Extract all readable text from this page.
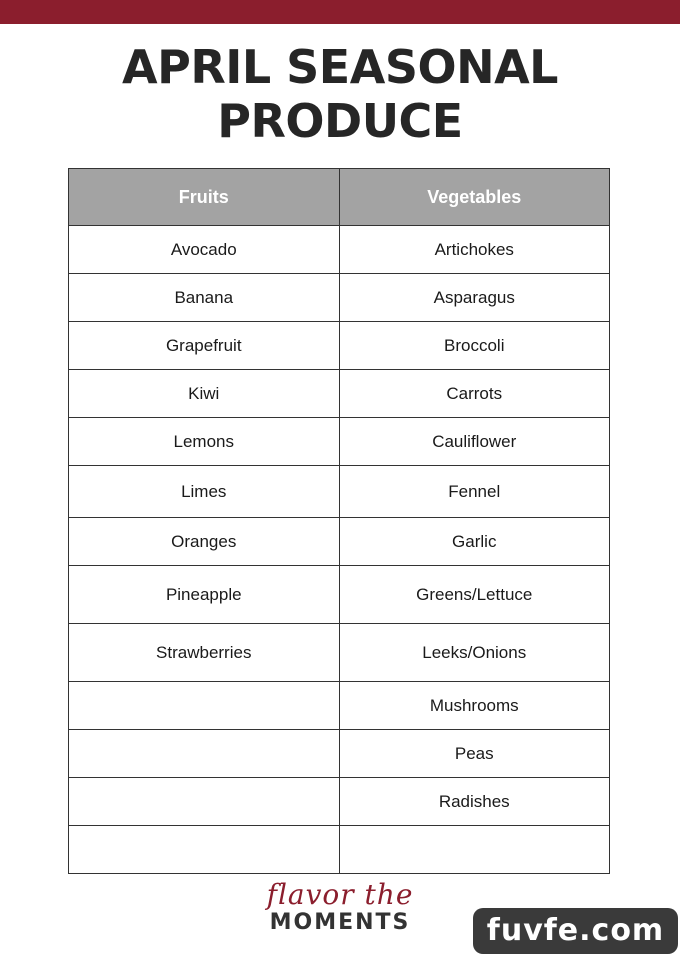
APRIL SEASONAL
PRODUCE
Fruits	Vegetables
Avocado	Artichokes
Banana	Asparagus
Grapefruit	Broccoli
Kiwi	Carrots
Lemons	Cauliflower
Limes	Fennel
Oranges	Garlic
Pineapple	Greens/Lettuce
Strawberries	Leeks/Onions
	Mushrooms
	Peas
	Radishes

flavor the
MOMENTS	fuvfe.com
